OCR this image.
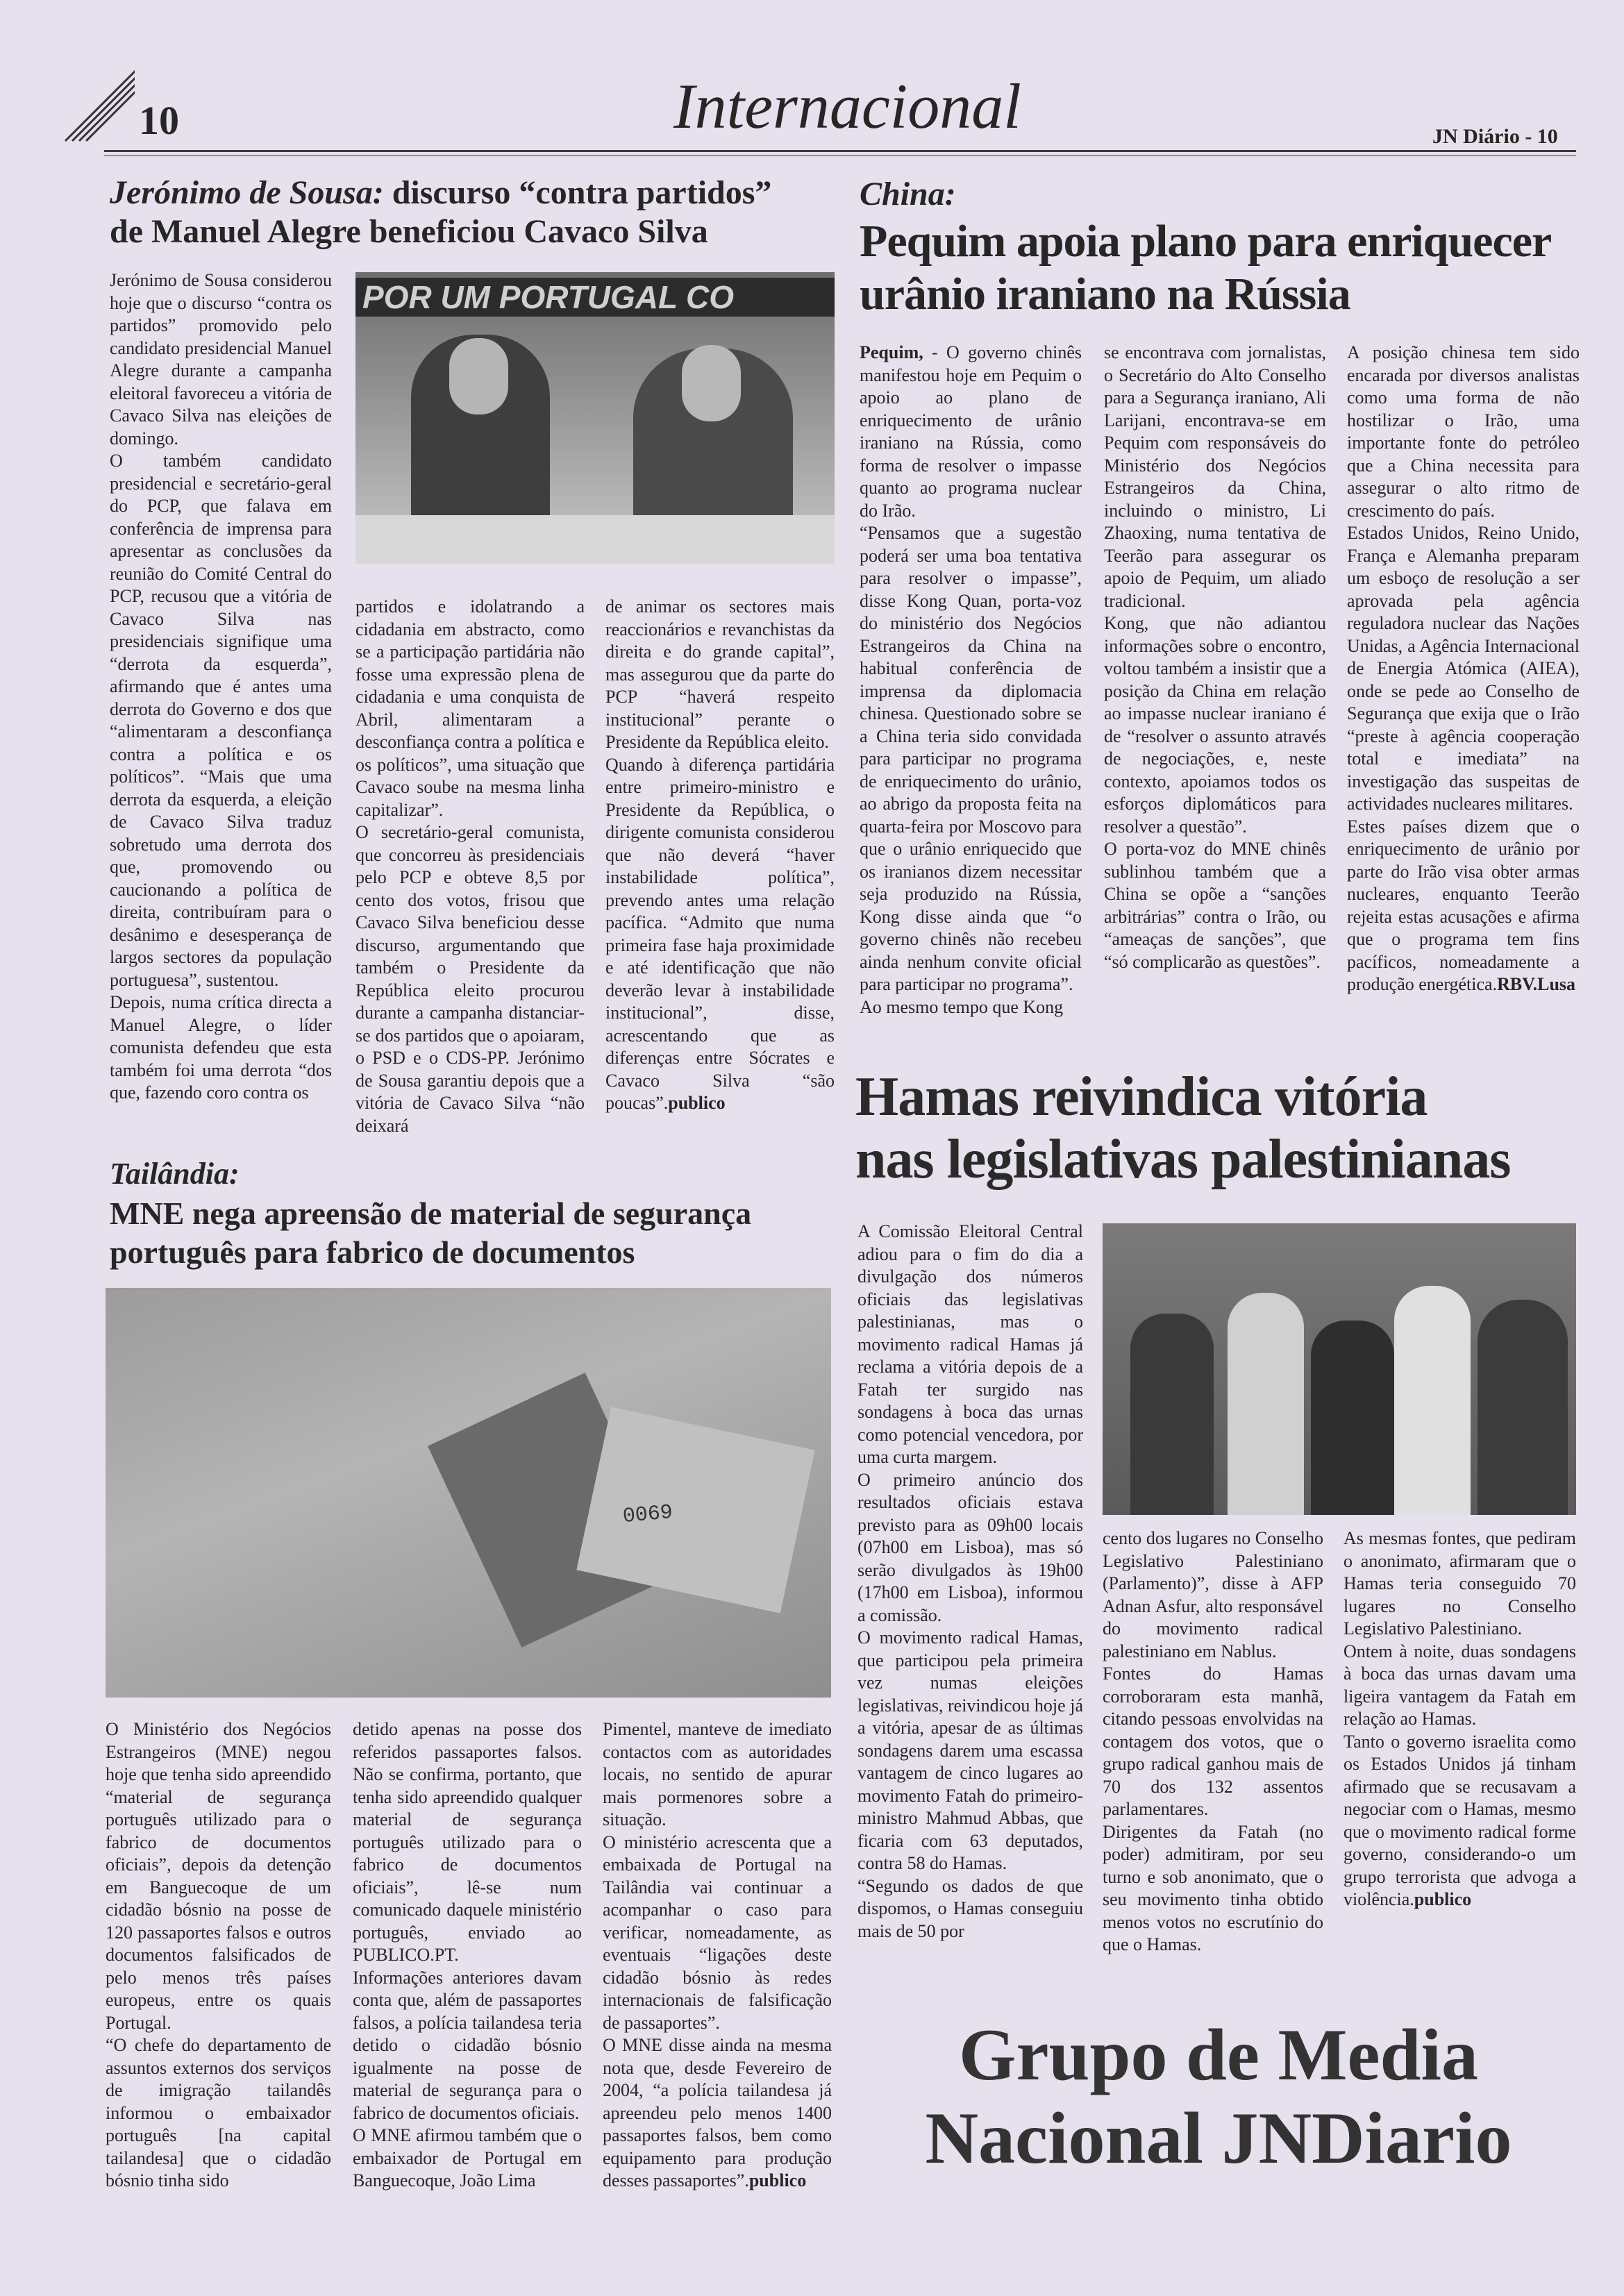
10	Internacional	JN Diário - 10
Jerónimo de Sousa: discurso “contra partidos”
de Manuel Alegre beneficiou Cavaco Silva
POR UM PORTUGAL CO

Jerónimo de Sousa considerou hoje que o discurso “contra os partidos” promovido pelo candidato presidencial Manuel Alegre durante a campanha eleitoral favoreceu a vitória de Cavaco Silva nas eleições de domingo.
O também candidato presidencial e secretário-geral do PCP, que falava em conferência de imprensa para apresentar as conclusões da reunião do Comité Central do PCP, recusou que a vitória de Cavaco Silva nas presidenciais signifique uma “derrota da esquerda”, afirmando que é antes uma derrota do Governo e dos que “alimentaram a desconfiança contra a política e os políticos”. “Mais que uma derrota da esquerda, a eleição de Cavaco Silva traduz sobretudo uma derrota dos que, promovendo ou caucionando a política de direita, contribuíram para o desânimo e desesperança de largos sectores da população portuguesa”, sustentou.
Depois, numa crítica directa a Manuel Alegre, o líder comunista defendeu que esta também foi uma derrota “dos que, fazendo coro contra os

partidos e idolatrando a cidadania em abstracto, como se a participação partidária não fosse uma expressão plena de cidadania e uma conquista de Abril, alimentaram a desconfiança contra a política e os políticos”, uma situação que Cavaco soube na mesma linha capitalizar”.
O secretário-geral comunista, que concorreu às presidenciais pelo PCP e obteve 8,5 por cento dos votos, frisou que Cavaco Silva beneficiou desse discurso, argumentando que também o Presidente da República eleito procurou durante a campanha distanciar-se dos partidos que o apoiaram, o PSD e o CDS-PP. Jerónimo de Sousa garantiu depois que a vitória de Cavaco Silva “não deixará

de animar os sectores mais reaccionários e revanchistas da direita e do grande capital”, mas assegurou que da parte do PCP “haverá respeito institucional” perante o Presidente da República eleito.
Quando à diferença partidária entre primeiro-ministro e Presidente da República, o dirigente comunista considerou que não deverá “haver instabilidade política”, prevendo antes uma relação pacífica. “Admito que numa primeira fase haja proximidade e até identificação que não deverão levar à instabilidade institucional”, disse, acrescentando que as diferenças entre Sócrates e Cavaco Silva “são poucas”.publico

China:
Pequim apoia plano para enriquecer
urânio iraniano na Rússia

Pequim, - O governo chinês manifestou hoje em Pequim o apoio ao plano de enriquecimento de urânio iraniano na Rússia, como forma de resolver o impasse quanto ao programa nuclear do Irão.
“Pensamos que a sugestão poderá ser uma boa tentativa para resolver o impasse”, disse Kong Quan, porta-voz do ministério dos Negócios Estrangeiros da China na habitual conferência de imprensa da diplomacia chinesa. Questionado sobre se a China teria sido convidada para participar no programa de enriquecimento do urânio, ao abrigo da proposta feita na quarta-feira por Moscovo para que o urânio enriquecido que os iranianos dizem necessitar seja produzido na Rússia, Kong disse ainda que “o governo chinês não recebeu ainda nenhum convite oficial para participar no programa”.
Ao mesmo tempo que Kong

se encontrava com jornalistas, o Secretário do Alto Conselho para a Segurança iraniano, Ali Larijani, encontrava-se em Pequim com responsáveis do Ministério dos Negócios Estrangeiros da China, incluindo o ministro, Li Zhaoxing, numa tentativa de Teerão para assegurar os apoio de Pequim, um aliado tradicional.
Kong, que não adiantou informações sobre o encontro, voltou também a insistir que a posição da China em relação ao impasse nuclear iraniano é de “resolver o assunto através de negociações, e, neste contexto, apoiamos todos os esforços diplomáticos para resolver a questão”.
O porta-voz do MNE chinês sublinhou também que a China se opõe a “sanções arbitrárias” contra o Irão, ou “ameaças de sanções”, que “só complicarão as questões”.

A posição chinesa tem sido encarada por diversos analistas como uma forma de não hostilizar o Irão, uma importante fonte do petróleo que a China necessita para assegurar o alto ritmo de crescimento do país.
Estados Unidos, Reino Unido, França e Alemanha preparam um esboço de resolução a ser aprovada pela agência reguladora nuclear das Nações Unidas, a Agência Internacional de Energia Atómica (AIEA), onde se pede ao Conselho de Segurança que exija que o Irão “preste à agência cooperação total e imediata” na investigação das suspeitas de actividades nucleares militares.
Estes países dizem que o enriquecimento de urânio por parte do Irão visa obter armas nucleares, enquanto Teerão rejeita estas acusações e afirma que o programa tem fins pacíficos, nomeadamente a produção energética.RBV.Lusa

Tailândia:
MNE nega apreensão de material de segurança
português para fabrico de documentos
0069

O Ministério dos Negócios Estrangeiros (MNE) negou hoje que tenha sido apreendido “material de segurança português utilizado para o fabrico de documentos oficiais”, depois da detenção em Banguecoque de um cidadão bósnio na posse de 120 passaportes falsos e outros documentos falsificados de pelo menos três países europeus, entre os quais Portugal.
“O chefe do departamento de assuntos externos dos serviços de imigração tailandês informou o embaixador português [na capital tailandesa] que o cidadão bósnio tinha sido

detido apenas na posse dos referidos passaportes falsos. Não se confirma, portanto, que tenha sido apreendido qualquer material de segurança português utilizado para o fabrico de documentos oficiais”, lê-se num comunicado daquele ministério português, enviado ao PUBLICO.PT.
Informações anteriores davam conta que, além de passaportes falsos, a polícia tailandesa teria detido o cidadão bósnio igualmente na posse de material de segurança para o fabrico de documentos oficiais.
O MNE afirmou também que o embaixador de Portugal em Banguecoque, João Lima

Pimentel, manteve de imediato contactos com as autoridades locais, no sentido de apurar mais pormenores sobre a situação.
O ministério acrescenta que a embaixada de Portugal na Tailândia vai continuar a acompanhar o caso para verificar, nomeadamente, as eventuais “ligações deste cidadão bósnio às redes internacionais de falsificação de passaportes”.
O MNE disse ainda na mesma nota que, desde Fevereiro de 2004, “a polícia tailandesa já apreendeu pelo menos 1400 passaportes falsos, bem como equipamento para produção desses passaportes”.publico

Hamas reivindica vitória
nas legislativas palestinianas

A Comissão Eleitoral Central adiou para o fim do dia a divulgação dos números oficiais das legislativas palestinianas, mas o movimento radical Hamas já reclama a vitória depois de a Fatah ter surgido nas sondagens à boca das urnas como potencial vencedora, por uma curta margem.
O primeiro anúncio dos resultados oficiais estava previsto para as 09h00 locais (07h00 em Lisboa), mas só serão divulgados às 19h00 (17h00 em Lisboa), informou a comissão.
O movimento radical Hamas, que participou pela primeira vez numas eleições legislativas, reivindicou hoje já a vitória, apesar de as últimas sondagens darem uma escassa vantagem de cinco lugares ao movimento Fatah do primeiro-ministro Mahmud Abbas, que ficaria com 63 deputados, contra 58 do Hamas.
“Segundo os dados de que dispomos, o Hamas conseguiu mais de 50 por

cento dos lugares no Conselho Legislativo Palestiniano (Parlamento)”, disse à AFP Adnan Asfur, alto responsável do movimento radical palestiniano em Nablus.
Fontes do Hamas corroboraram esta manhã, citando pessoas envolvidas na contagem dos votos, que o grupo radical ganhou mais de 70 dos 132 assentos parlamentares.
Dirigentes da Fatah (no poder) admitiram, por seu turno e sob anonimato, que o seu movimento tinha obtido menos votos no escrutínio do que o Hamas.

As mesmas fontes, que pediram o anonimato, afirmaram que o Hamas teria conseguido 70 lugares no Conselho Legislativo Palestiniano.
Ontem à noite, duas sondagens à boca das urnas davam uma ligeira vantagem da Fatah em relação ao Hamas.
Tanto o governo israelita como os Estados Unidos já tinham afirmado que se recusavam a negociar com o Hamas, mesmo que o movimento radical forme governo, considerando-o um grupo terrorista que advoga a violência.publico

Grupo de Media
Nacional JNDiario
